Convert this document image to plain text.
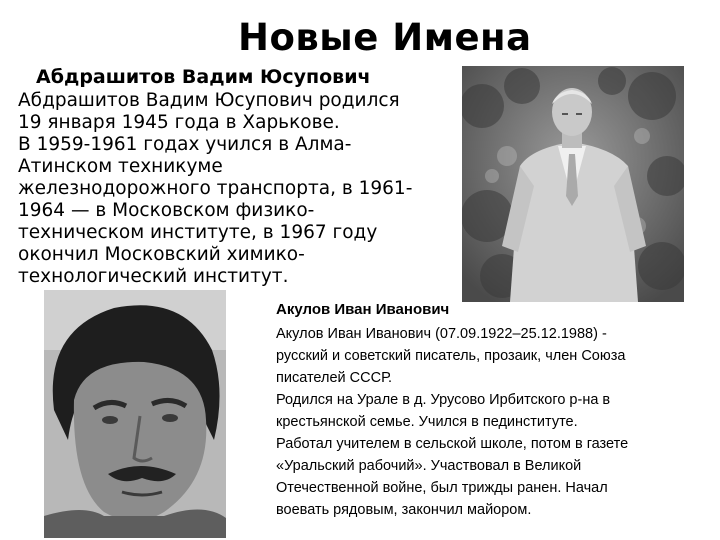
Новые Имена
Абдрашитов Вадим Юсупович
Абдрашитов Вадим Юсупович родился
19 января 1945 года в Харькове.
В 1959-1961 годах учился в Алма-
Атинском техникуме
железнодорожного транспорта, в 1961-
1964 — в Московском физико-
техническом институте, в 1967 году
окончил Московский химико-
технологический институт.
Акулов Иван Иванович
Акулов Иван Иванович (07.09.1922–25.12.1988) -
русский и советский писатель, прозаик, член Союза
писателей СССР.
Родился на Урале в д. Урусово Ирбитского р-на в
крестьянской семье. Учился в пединституте.
Работал учителем в сельской школе, потом в газете
«Уральский рабочий». Участвовал в Великой
Отечественной войне, был трижды ранен. Начал
воевать рядовым, закончил майором.
